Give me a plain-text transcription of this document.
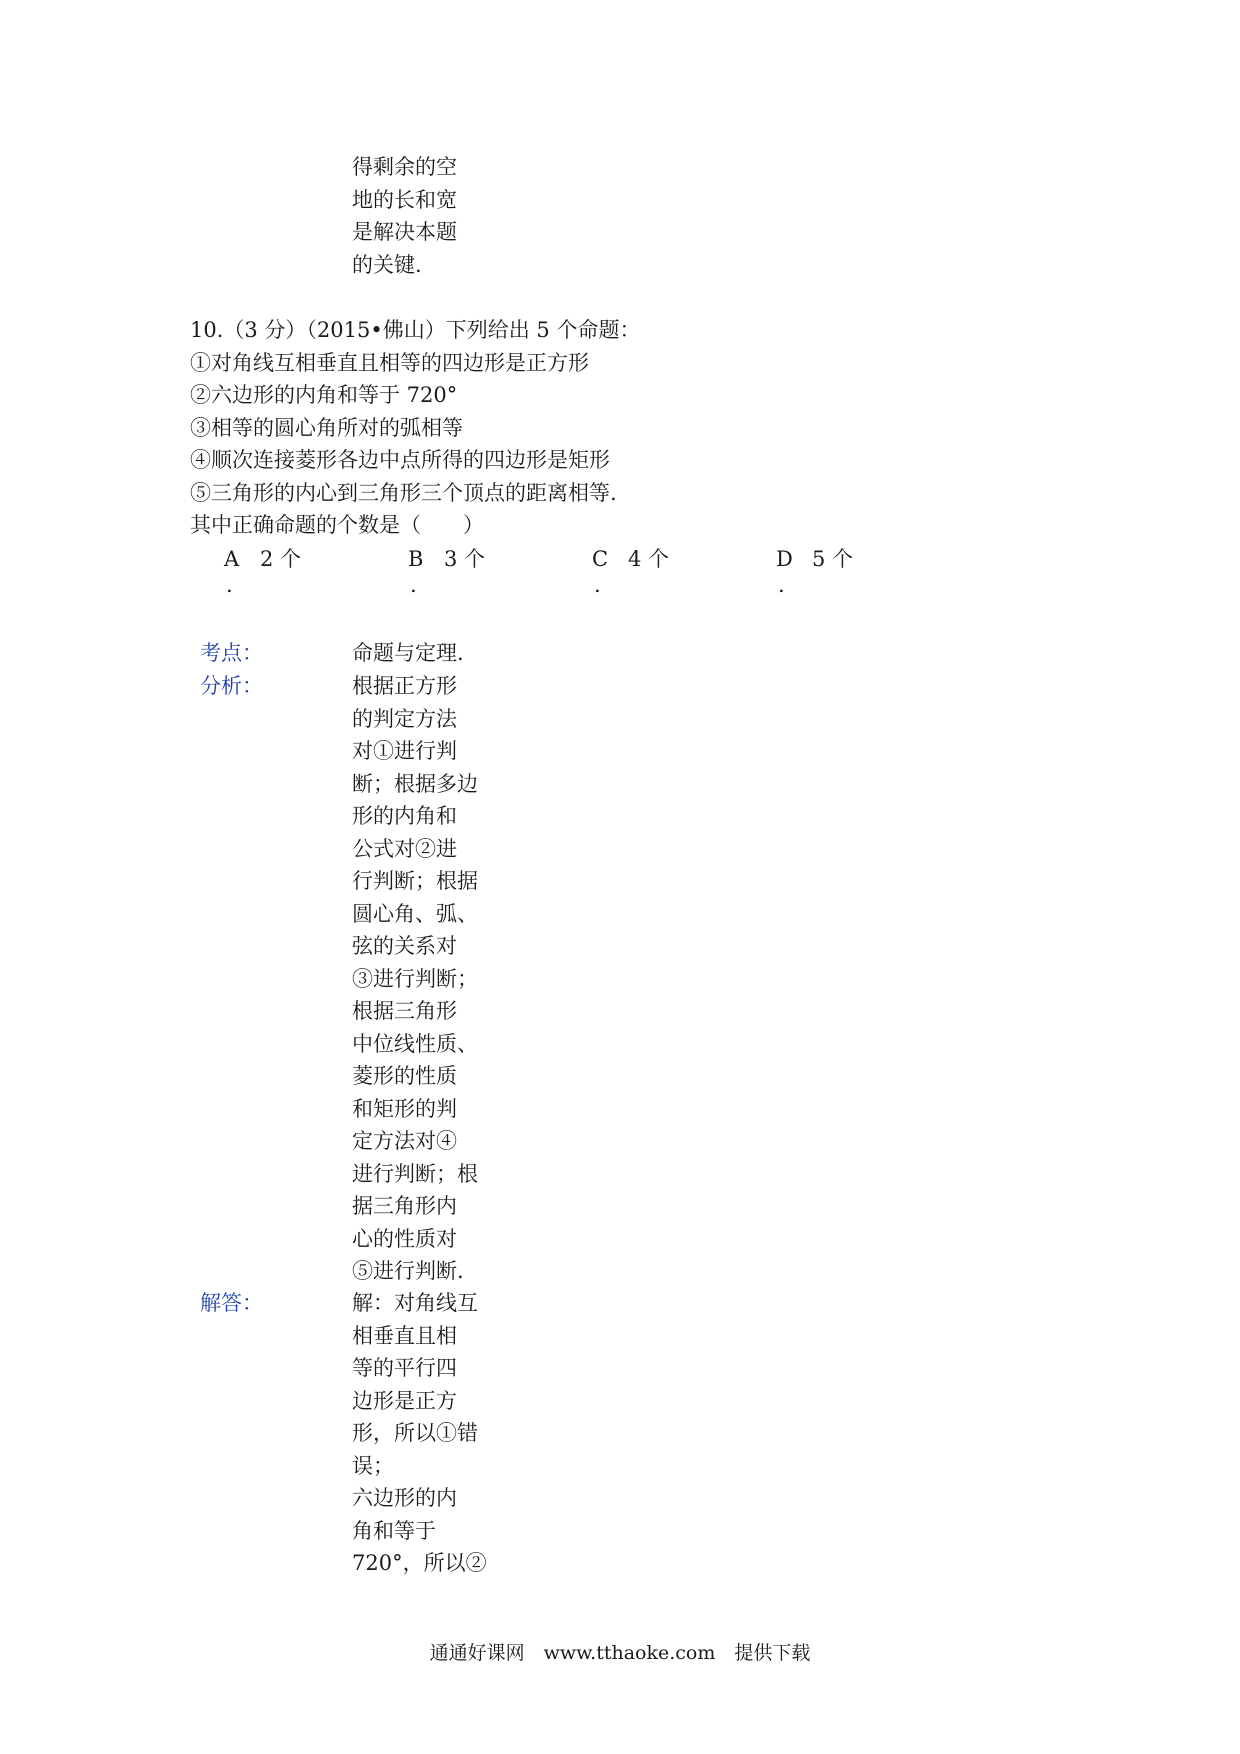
得剩余的空
地的长和宽
是解决本题
的关键.
10.（3 分）（2015•佛山）下列给出 5 个命题：
①对角线互相垂直且相等的四边形是正方形
②六边形的内角和等于 720°
③相等的圆心角所对的弧相等
④顺次连接菱形各边中点所得的四边形是矩形
⑤三角形的内心到三角形三个顶点的距离相等.
其中正确命题的个数是（　　）
A 2 个
.
B 3 个
.
C 4 个
.
D 5 个
.
考点：
分析：
解答：
命题与定理.
根据正方形
的判定方法
对①进行判
断；根据多边
形的内角和
公式对②进
行判断；根据
圆心角、弧、
弦的关系对
③进行判断；
根据三角形
中位线性质、
菱形的性质
和矩形的判
定方法对④
进行判断；根
据三角形内
心的性质对
⑤进行判断.
解：对角线互
相垂直且相
等的平行四
边形是正方
形，所以①错
误；
六边形的内
角和等于
720°，所以②
通通好课网　www.tthaoke.com　提供下载
